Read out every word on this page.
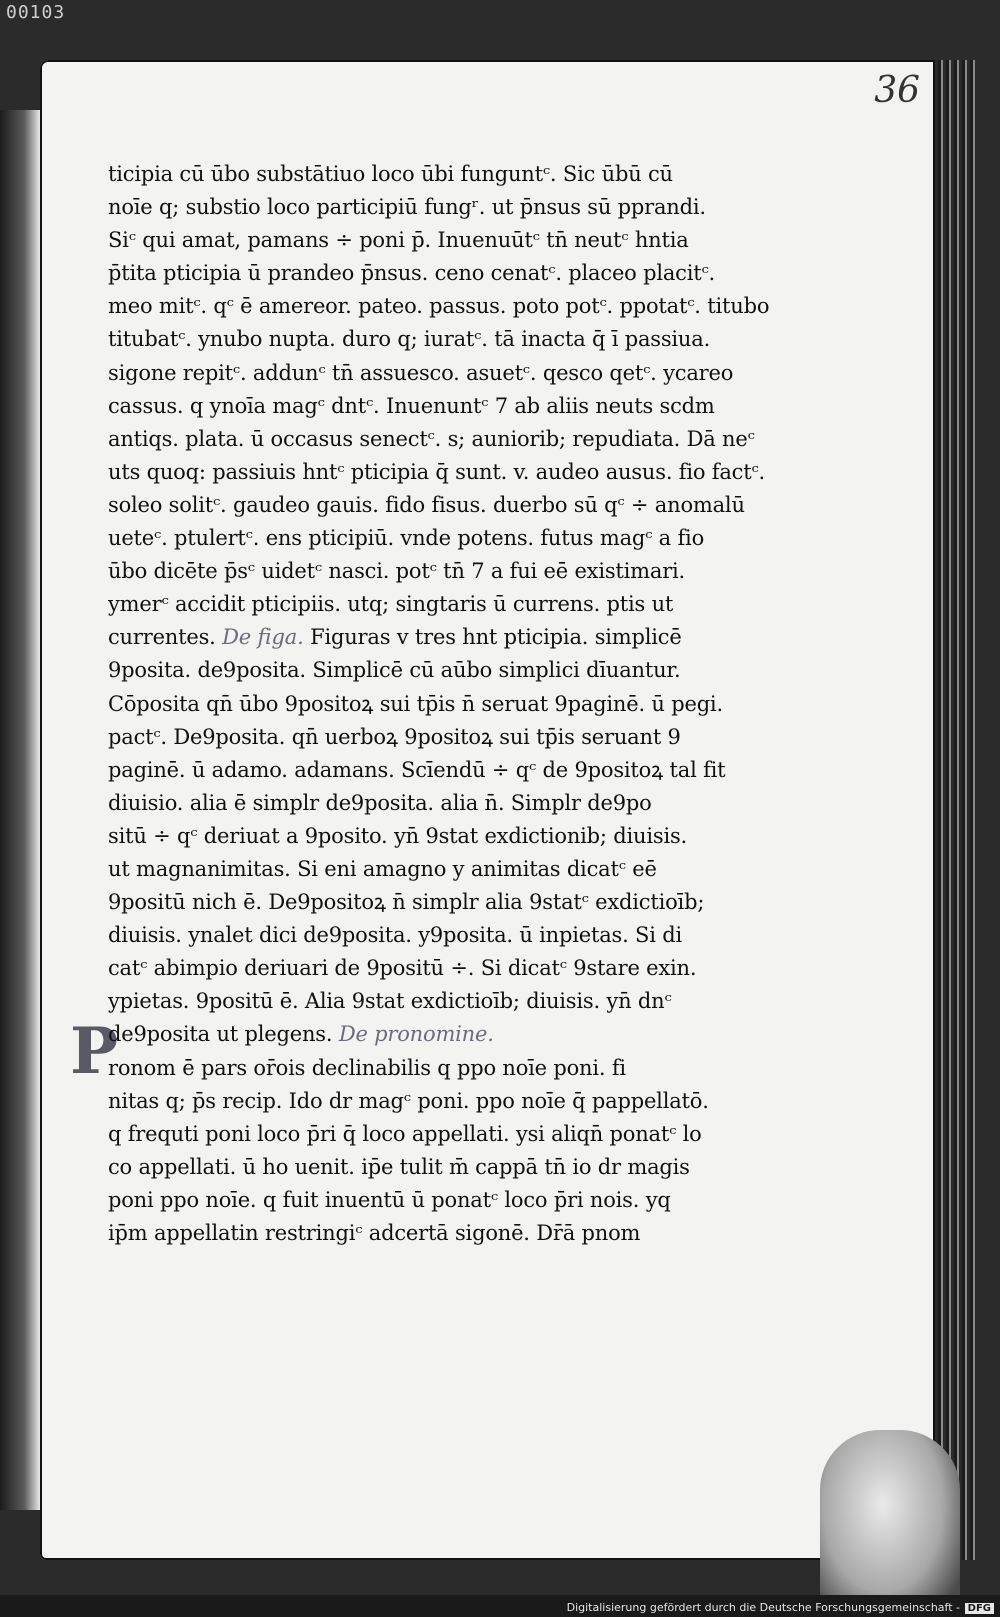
00103
36
P
ticipia cū ūbo substātiuo loco ūbi funguntᶜ. Sic ūbū cū
noīe q; substio loco participiū fungʳ. ut p̄nsus sū pprandi.
Siᶜ qui amat, pamans ÷ poni p̄. Inuenuūtᶜ tn̄ neutᶜ hntia
p̄tita pticipia ū prandeo p̄nsus. ceno cenatᶜ. placeo placitᶜ.
meo mitᶜ. qᶜ ē amereor. pateo. passus. poto potᶜ. ppotatᶜ. titubo
titubatᶜ. ynubo nupta. duro q; iuratᶜ. tā inacta q̄ ī passiua.
sigone repitᶜ. addunᶜ tn̄ assuesco. asuetᶜ. qesco qetᶜ. ycareo
cassus. q ynoīa magᶜ dntᶜ. Inuenuntᶜ 7 ab aliis neuts scdm
antiqs. plata. ū occasus senectᶜ. s; auniorib; repudiata. Dā neᶜ
uts quoq: passiuis hntᶜ pticipia q̄ sunt. v. audeo ausus. fio factᶜ.
soleo solitᶜ. gaudeo gauis. fido fisus. duerbo sū qᶜ ÷ anomalū
ueteᶜ. ptulertᶜ. ens pticipiū. vnde potens. futus magᶜ a fio
ūbo dicēte p̄sᶜ uidetᶜ nasci. potᶜ tn̄ 7 a fui eē existimari.
ymerᶜ accidit pticipiis. utq; singtaris ū currens. ptis ut
currentes. De figa. Figuras v tres hnt pticipia. simplicē
9posita. de9posita. Simplicē cū aūbo simplici dīuantur.
Cōposita qn̄ ūbo 9positoꝝ sui tp̄is n̄ seruat 9paginē. ū pegi.
pactᶜ. De9posita. qn̄ uerboꝝ 9positoꝝ sui tp̄is seruant 9
paginē. ū adamo. adamans. Scīendū ÷ qᶜ de 9positoꝝ tal fit
diuisio. alia ē simplr de9posita. alia n̄. Simplr de9po
sitū ÷ qᶜ deriuat a 9posito. yn̄ 9stat exdictionib; diuisis.
ut magnanimitas. Si eni amagno y animitas dicatᶜ eē
9positū nich ē. De9positoꝝ n̄ simplr alia 9statᶜ exdictioīb;
diuisis. ynalet dici de9posita. y9posita. ū inpietas. Si di
catᶜ abimpio deriuari de 9positū ÷. Si dicatᶜ 9stare exin.
ypietas. 9positū ē. Alia 9stat exdictioīb; diuisis. yn̄ dnᶜ
de9posita ut plegens. De pronomine.
ronom ē pars or̄ois declinabilis q ppo noīe poni. fi
nitas q; p̄s recip. Ido dr magᶜ poni. ppo noīe q̄ pappellatō.
q frequti poni loco p̄ri q̄ loco appellati. ysi aliqn̄ ponatᶜ lo
co appellati. ū ho uenit. ip̄e tulit m̄ cappā tn̄ io dr magis
poni ppo noīe. q fuit inuentū ū ponatᶜ loco p̄ri nois. yq
ip̄m appellatin restringiᶜ adcertā sigonē. Dr̄ā pnom
Digitalisierung gefördert durch die Deutsche Forschungsgemeinschaft - DFG
